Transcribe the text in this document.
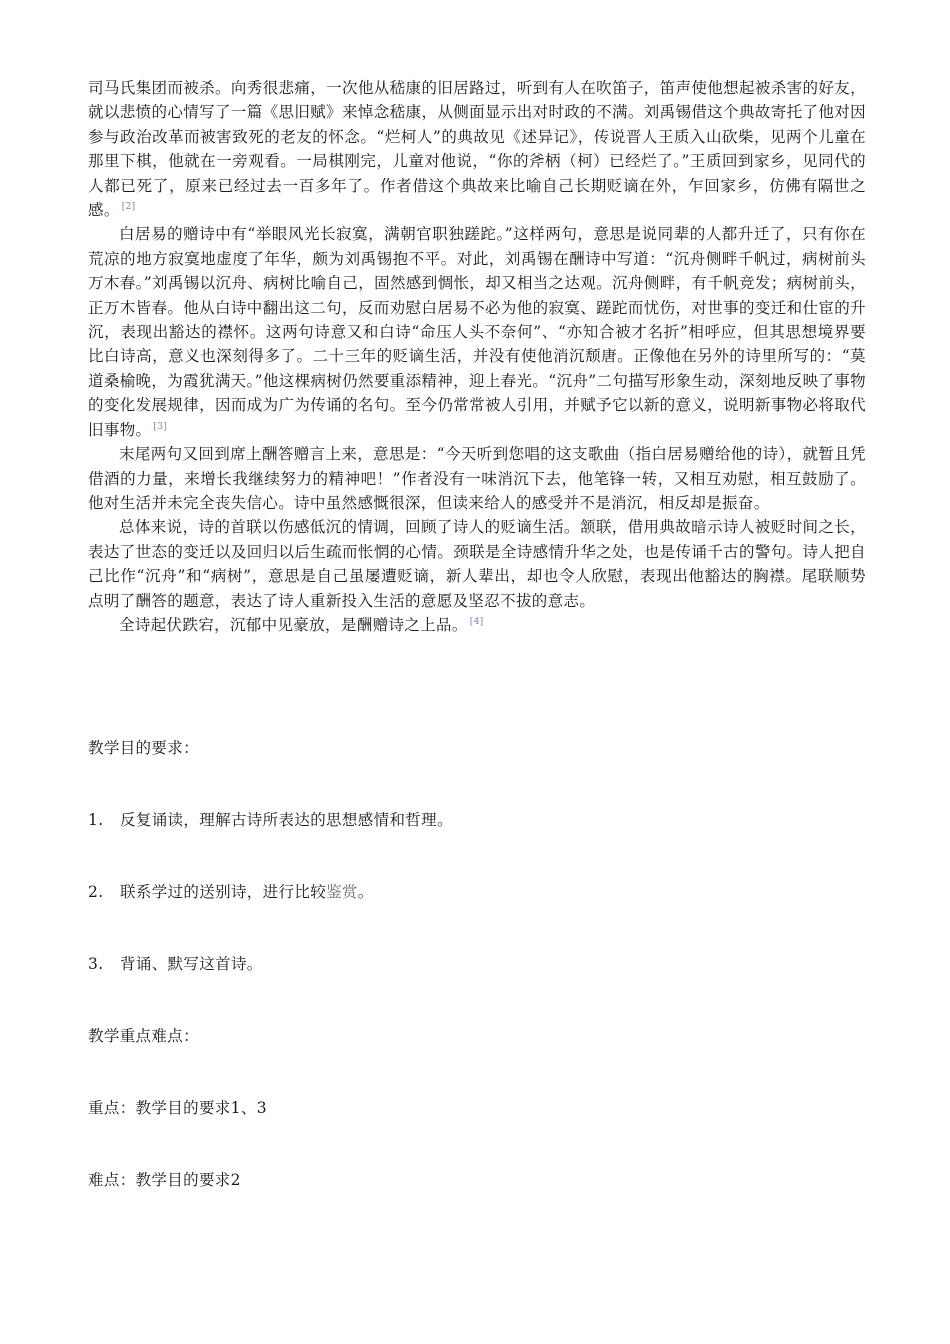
司马氏集团而被杀。向秀很悲痛，一次他从嵇康的旧居路过，听到有人在吹笛子，笛声使他想起被杀害的好友，就以悲愤的心情写了一篇《思旧赋》来悼念嵇康，从侧面显示出对时政的不满。刘禹锡借这个典故寄托了他对因参与政治改革而被害致死的老友的怀念。“烂柯人”的典故见《述异记》，传说晋人王质入山砍柴，见两个儿童在那里下棋，他就在一旁观看。一局棋刚完，儿童对他说，“你的斧柄（柯）已经烂了。”王质回到家乡，见同代的人都已死了，原来已经过去一百多年了。作者借这个典故来比喻自己长期贬谪在外，乍回家乡，仿佛有隔世之感。 [2]

白居易的赠诗中有“举眼风光长寂寞，满朝官职独蹉跎。”这样两句，意思是说同辈的人都升迁了，只有你在荒凉的地方寂寞地虚度了年华，颇为刘禹锡抱不平。对此，刘禹锡在酬诗中写道：“沉舟侧畔千帆过，病树前头万木春。”刘禹锡以沉舟、病树比喻自己，固然感到惆怅，却又相当之达观。沉舟侧畔，有千帆竞发；病树前头，正万木皆春。他从白诗中翻出这二句，反而劝慰白居易不必为他的寂寞、蹉跎而忧伤，对世事的变迁和仕宦的升沉，表现出豁达的襟怀。这两句诗意又和白诗“命压人头不奈何”、“亦知合被才名折”相呼应，但其思想境界要比白诗高，意义也深刻得多了。二十三年的贬谪生活，并没有使他消沉颓唐。正像他在另外的诗里所写的：“莫道桑榆晚，为霞犹满天。”他这棵病树仍然要重添精神，迎上春光。“沉舟”二句描写形象生动，深刻地反映了事物的变化发展规律，因而成为广为传诵的名句。至今仍常常被人引用，并赋予它以新的意义，说明新事物必将取代旧事物。 [3]

末尾两句又回到席上酬答赠言上来，意思是：“今天听到您唱的这支歌曲（指白居易赠给他的诗），就暂且凭借酒的力量，来增长我继续努力的精神吧！”作者没有一味消沉下去，他笔锋一转，又相互劝慰，相互鼓励了。他对生活并未完全丧失信心。诗中虽然感慨很深，但读来给人的感受并不是消沉，相反却是振奋。

总体来说，诗的首联以伤感低沉的情调，回顾了诗人的贬谪生活。颔联，借用典故暗示诗人被贬时间之长，表达了世态的变迁以及回归以后生疏而怅惘的心情。颈联是全诗感情升华之处，也是传诵千古的警句。诗人把自己比作“沉舟”和“病树”，意思是自己虽屡遭贬谪，新人辈出，却也令人欣慰，表现出他豁达的胸襟。尾联顺势点明了酬答的题意，表达了诗人重新投入生活的意愿及坚忍不拔的意志。

全诗起伏跌宕，沉郁中见豪放，是酬赠诗之上品。 [4]

教学目的要求：
1. 反复诵读，理解古诗所表达的思想感情和哲理。
2. 联系学过的送别诗，进行比较鉴赏。
3. 背诵、默写这首诗。
教学重点难点：
重点：教学目的要求1、3
难点：教学目的要求2
